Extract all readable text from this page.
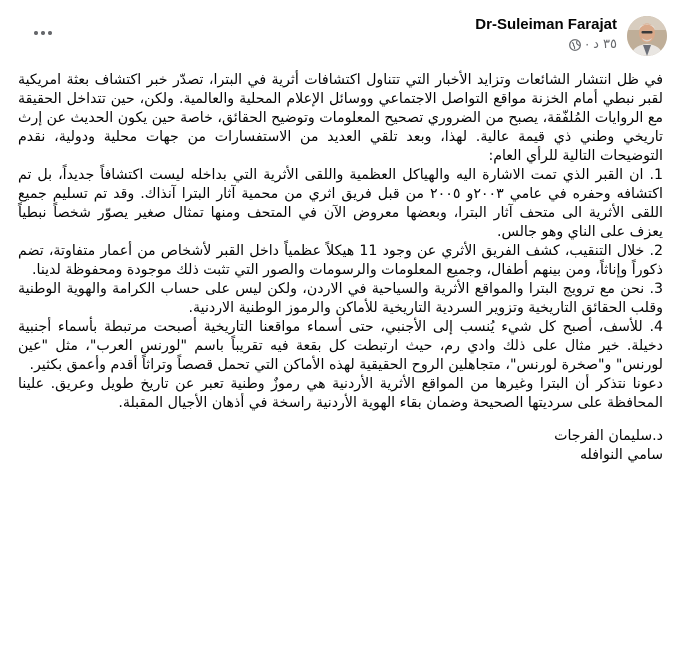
Dr-Suleiman Farajat
٣٥ د
·

في ظل انتشار الشائعات وتزايد الأخبار التي تتناول اكتشافات أثرية في البترا، تصدّر خبر اكتشاف بعثة امريكية لقبر نبطي أمام الخزنة مواقع التواصل الاجتماعي ووسائل الإعلام المحلية والعالمية. ولكن، حين تتداخل الحقيقة مع الروايات المُلفّقة، يصبح من الضروري تصحيح المعلومات وتوضيح الحقائق، خاصة حين يكون الحديث عن إرث تاريخي وطني ذي قيمة عالية. لهذا، وبعد تلقي العديد من الاستفسارات من جهات محلية ودولية، نقدم التوضيحات التالية للرأي العام:

1. ان القبر الذي تمت الاشارة اليه والهياكل العظمية واللقى الأثرية التي بداخله ليست اكتشافاً جديداً، بل تم اكتشافه وحفره في عامي ٢٠٠٣و ٢٠٠٥ من قبل فريق اثري من محمية آثار البترا آنذاك. وقد تم تسليم جميع اللقى الأثرية الى متحف آثار البترا، وبعضها معروض الآن في المتحف ومنها تمثال صغير يصوّر شخصاً نبطياً يعزف على الناي وهو جالس.

2. خلال التنقيب، كشف الفريق الأثري عن وجود 11 هيكلاً عظمياً داخل القبر لأشخاص من أعمار متفاوتة، تضم ذكوراً وإناثاً، ومن بينهم أطفال، وجميع المعلومات والرسومات والصور التي تثبت ذلك موجودة ومحفوظة لدينا.

3. نحن مع ترويج البترا والمواقع الأثرية والسياحية في الاردن، ولكن ليس على حساب الكرامة والهوية الوطنية وقلب الحقائق التاريخية وتزوير السردية التاريخية للأماكن والرموز الوطنية الاردنية.

4. للأسف، أصبح كل شيء يُنسب إلى الأجنبي، حتى أسماء مواقعنا التاريخية أصبحت مرتبطة بأسماء أجنبية دخيلة. خير مثال على ذلك وادي رم، حيث ارتبطت كل بقعة فيه تقريباً باسم "لورنس العرب"، مثل "عين لورنس" و"صخرة لورنس"، متجاهلين الروح الحقيقية لهذه الأماكن التي تحمل قصصاً وتراثاً أقدم وأعمق بكثير.

دعونا نتذكر أن البترا وغيرها من المواقع الأثرية الأردنية هي رموزٌ وطنية تعبر عن تاريخ طويل وعريق. علينا المحافظة على سرديتها الصحيحة وضمان بقاء الهوية الأردنية راسخة في أذهان الأجيال المقبلة.

د.سليمان الفرجات

سامي النوافله
